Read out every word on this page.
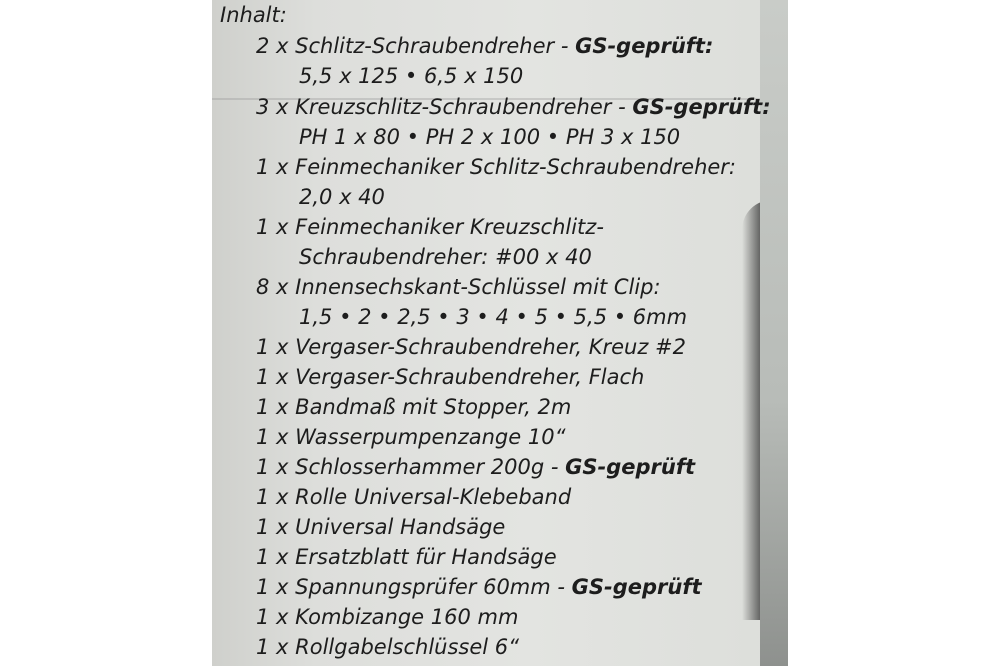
Inhalt:
2 x Schlitz-Schraubendreher - GS-geprüft:
5,5 x 125 • 6,5 x 150
3 x Kreuzschlitz-Schraubendreher - GS-geprüft:
PH 1 x 80 • PH 2 x 100 • PH 3 x 150
1 x Feinmechaniker Schlitz-Schraubendreher:
2,0 x 40
1 x Feinmechaniker Kreuzschlitz-
Schraubendreher: #00 x 40
8 x Innensechskant-Schlüssel mit Clip:
1,5 • 2 • 2,5 • 3 • 4 • 5 • 5,5 • 6mm
1 x Vergaser-Schraubendreher, Kreuz #2
1 x Vergaser-Schraubendreher, Flach
1 x Bandmaß mit Stopper, 2m
1 x Wasserpumpenzange 10“
1 x Schlosserhammer 200g - GS-geprüft
1 x Rolle Universal-Klebeband
1 x Universal Handsäge
1 x Ersatzblatt für Handsäge
1 x Spannungsprüfer 60mm - GS-geprüft
1 x Kombizange 160 mm
1 x Rollgabelschlüssel 6“
